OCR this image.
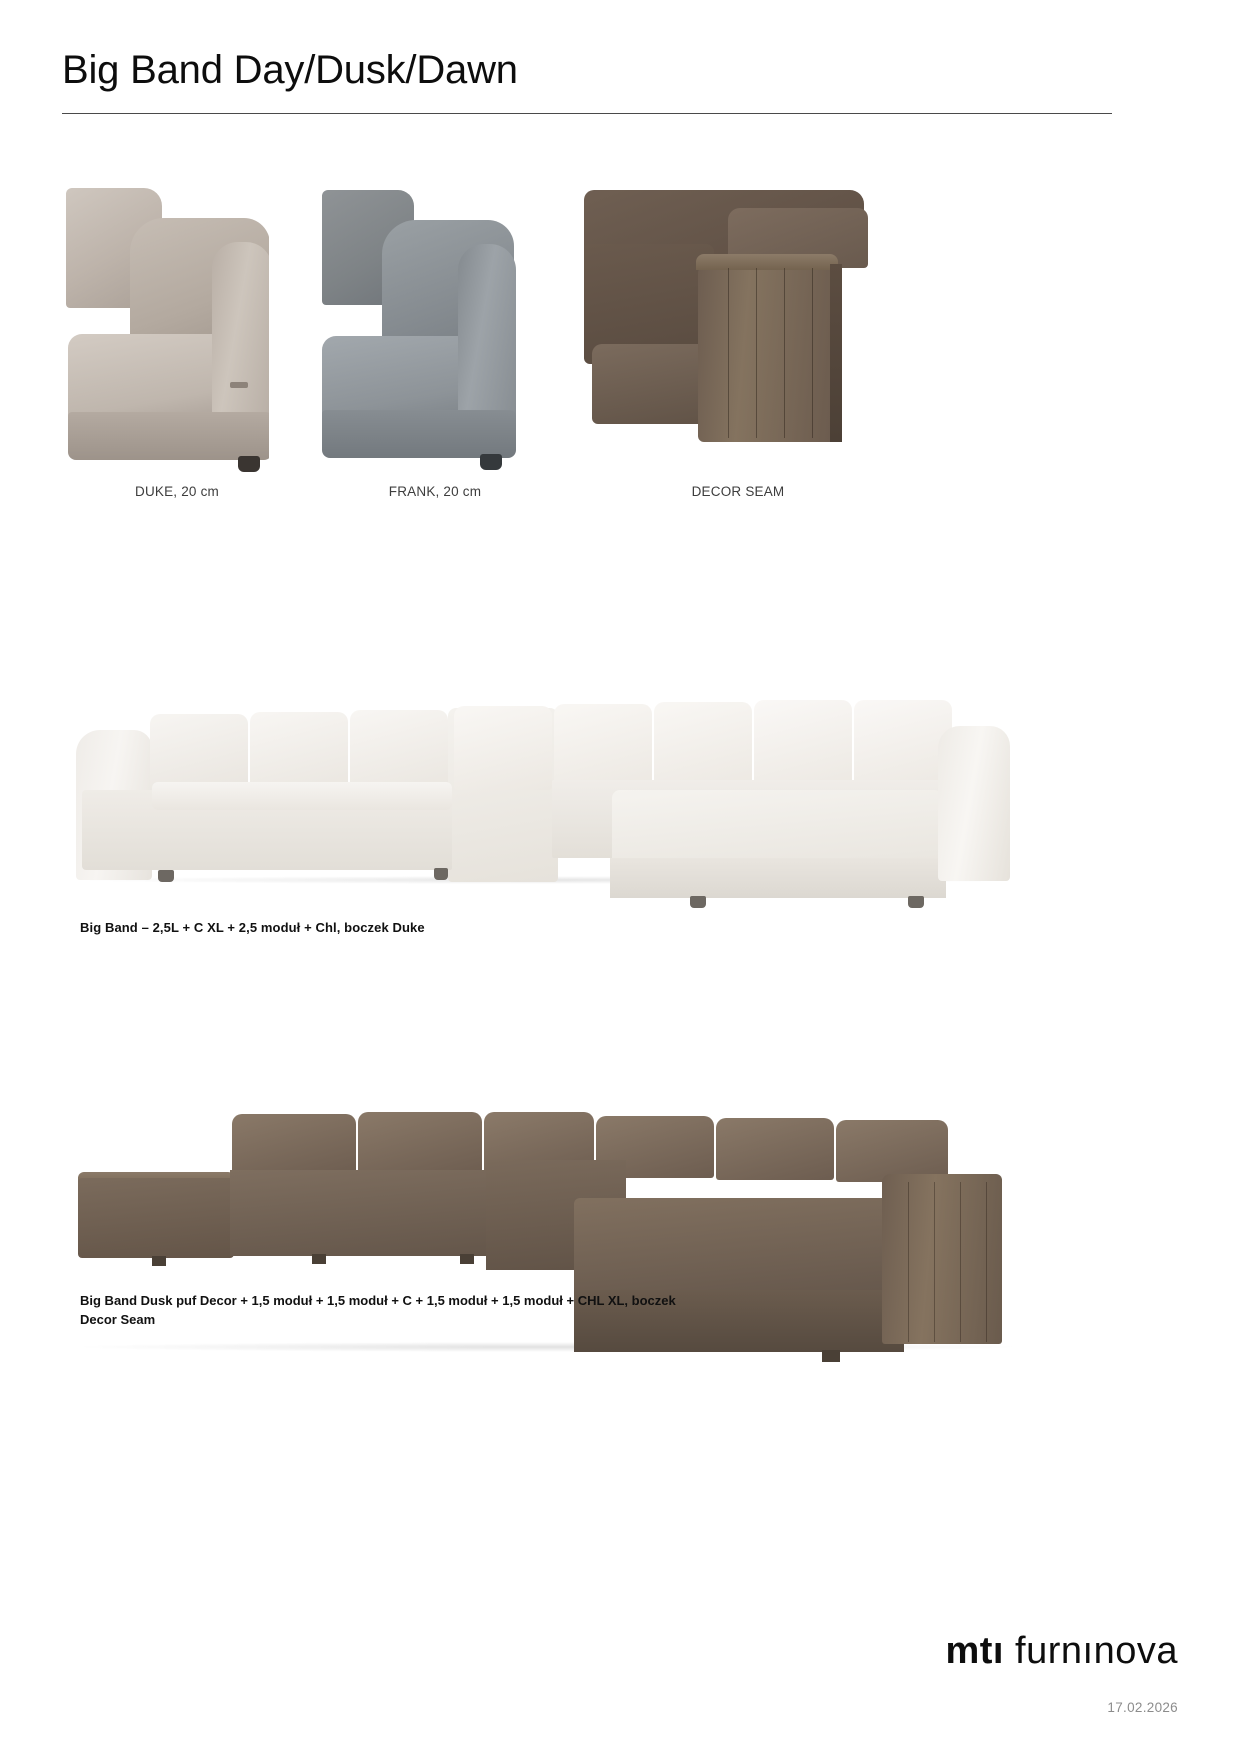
Big Band Day/Dusk/Dawn
DUKE, 20 cm	FRANK, 20 cm	DECOR SEAM
Big Band – 2,5L + C XL + 2,5 moduł + Chl, boczek Duke
Big Band Dusk puf Decor + 1,5 moduł + 1,5 moduł + C + 1,5 moduł + 1,5 moduł + CHL XL, boczek Decor Seam
mtı furnınova
17.02.2026
